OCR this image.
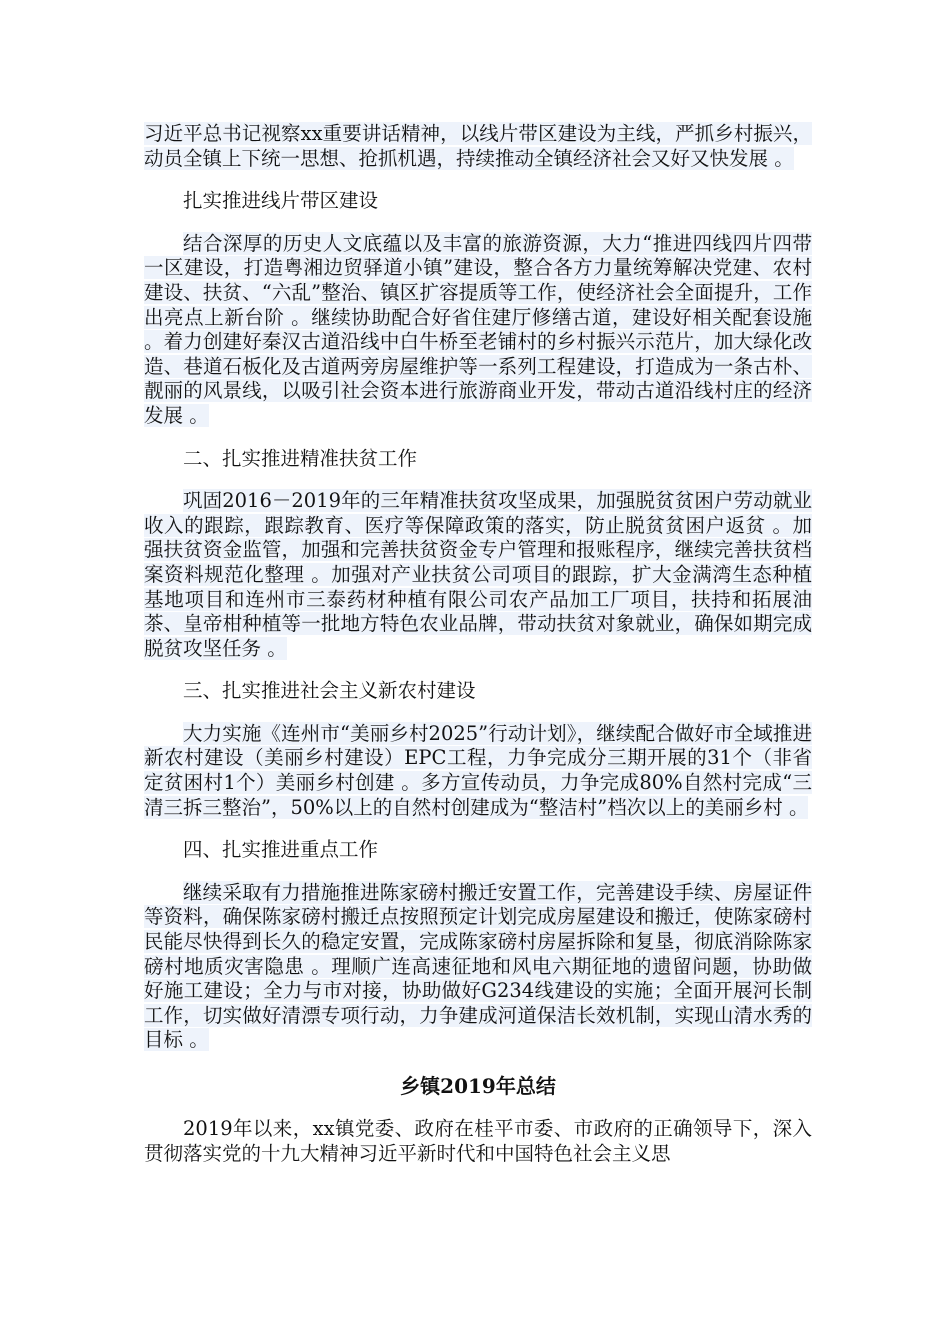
习近平总书记视察xx重要讲话精神，以线片带区建设为主线，严抓乡村振兴，动员全镇上下统一思想、抢抓机遇，持续推动全镇经济社会又好又快发展 。

扎实推进线片带区建设

结合深厚的历史人文底蕴以及丰富的旅游资源，大力“推进四线四片四带一区建设，打造粤湘边贸驿道小镇”建设，整合各方力量统筹解决党建、农村建设、扶贫、“六乱”整治、镇区扩容提质等工作，使经济社会全面提升，工作出亮点上新台阶 。继续协助配合好省住建厅修缮古道，建设好相关配套设施 。着力创建好秦汉古道沿线中白牛桥至老铺村的乡村振兴示范片，加大绿化改造、巷道石板化及古道两旁房屋维护等一系列工程建设，打造成为一条古朴、靓丽的风景线，以吸引社会资本进行旅游商业开发，带动古道沿线村庄的经济发展 。

二、扎实推进精准扶贫工作

巩固2016－2019年的三年精准扶贫攻坚成果，加强脱贫贫困户劳动就业收入的跟踪，跟踪教育、医疗等保障政策的落实，防止脱贫贫困户返贫 。加强扶贫资金监管，加强和完善扶贫资金专户管理和报账程序，继续完善扶贫档案资料规范化整理 。加强对产业扶贫公司项目的跟踪，扩大金满湾生态种植基地项目和连州市三泰药材种植有限公司农产品加工厂项目，扶持和拓展油茶、皇帝柑种植等一批地方特色农业品牌，带动扶贫对象就业，确保如期完成脱贫攻坚任务 。

三、扎实推进社会主义新农村建设

大力实施《连州市“美丽乡村2025”行动计划》，继续配合做好市全域推进新农村建设（美丽乡村建设）EPC工程，力争完成分三期开展的31个（非省定贫困村1个）美丽乡村创建 。多方宣传动员，力争完成80%自然村完成“三清三拆三整治”，50%以上的自然村创建成为“整洁村”档次以上的美丽乡村 。

四、扎实推进重点工作

继续采取有力措施推进陈家磅村搬迁安置工作，完善建设手续、房屋证件等资料，确保陈家磅村搬迁点按照预定计划完成房屋建设和搬迁，使陈家磅村民能尽快得到长久的稳定安置，完成陈家磅村房屋拆除和复垦，彻底消除陈家磅村地质灾害隐患 。理顺广连高速征地和风电六期征地的遗留问题，协助做好施工建设；全力与市对接，协助做好G234线建设的实施；全面开展河长制工作，切实做好清漂专项行动，力争建成河道保洁长效机制，实现山清水秀的目标 。

乡镇2019年总结

2019年以来，xx镇党委、政府在桂平市委、市政府的正确领导下，深入贯彻落实党的十九大精神习近平新时代和中国特色社会主义思
